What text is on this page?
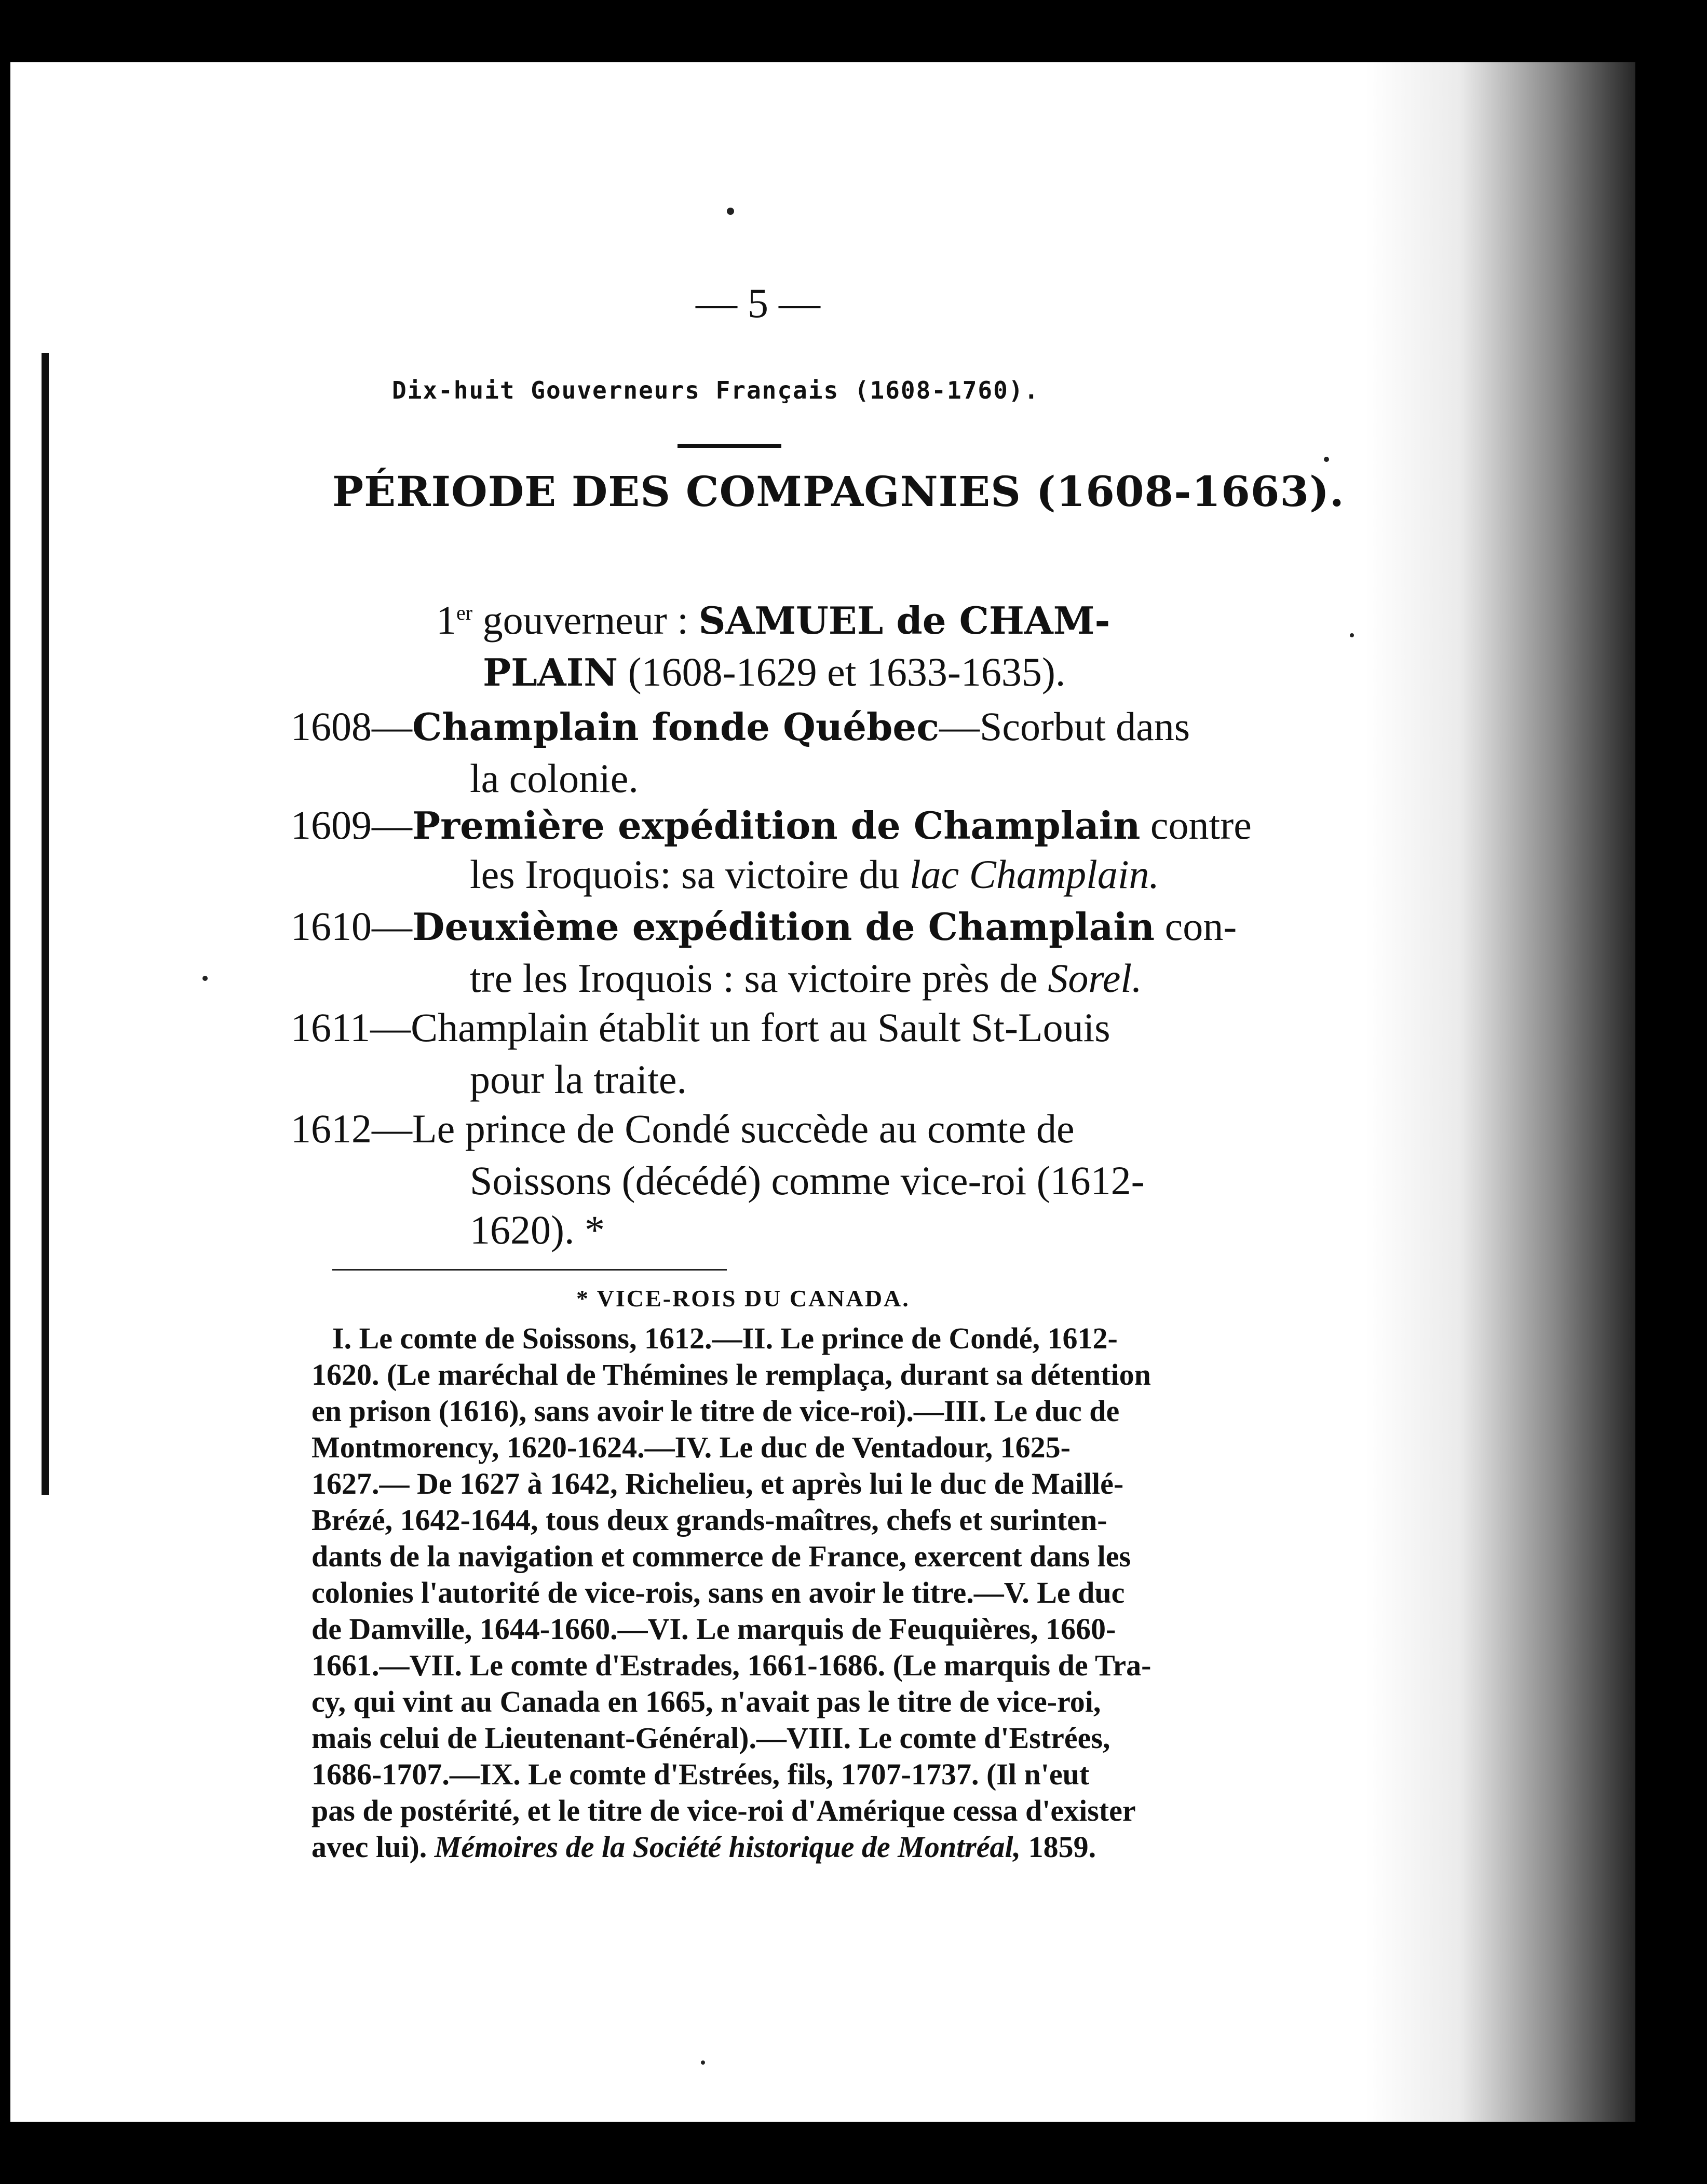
— 5 —
Dix-huit Gouverneurs Français (1608-1760).
PÉRIODE DES COMPAGNIES (1608-1663).
1er gouverneur : SAMUEL de CHAM-
PLAIN (1608-1629 et 1633-1635).
1608—Champlain fonde Québec—Scorbut dans
la colonie.
1609—Première expédition de Champlain contre
les Iroquois: sa victoire du lac Champlain.
1610—Deuxième expédition de Champlain con-
tre les Iroquois : sa victoire près de Sorel.
1611—Champlain établit un fort au Sault St-Louis
pour la traite.
1612—Le prince de Condé succède au comte de
Soissons (décédé) comme vice-roi (1612-
1620). *
* VICE-ROIS DU CANADA.
I. Le comte de Soissons, 1612.—II. Le prince de Condé, 1612-
1620. (Le maréchal de Thémines le remplaça, durant sa détention
en prison (1616), sans avoir le titre de vice-roi).—III. Le duc de
Montmorency, 1620-1624.—IV. Le duc de Ventadour, 1625-
1627.— De 1627 à 1642, Richelieu, et après lui le duc de Maillé-
Brézé, 1642-1644, tous deux grands-maîtres, chefs et surinten-
dants de la navigation et commerce de France, exercent dans les
colonies l'autorité de vice-rois, sans en avoir le titre.—V. Le duc
de Damville, 1644-1660.—VI. Le marquis de Feuquières, 1660-
1661.—VII. Le comte d'Estrades, 1661-1686. (Le marquis de Tra-
cy, qui vint au Canada en 1665, n'avait pas le titre de vice-roi,
mais celui de Lieutenant-Général).—VIII. Le comte d'Estrées,
1686-1707.—IX. Le comte d'Estrées, fils, 1707-1737. (Il n'eut
pas de postérité, et le titre de vice-roi d'Amérique cessa d'exister
avec lui). Mémoires de la Société historique de Montréal, 1859.
